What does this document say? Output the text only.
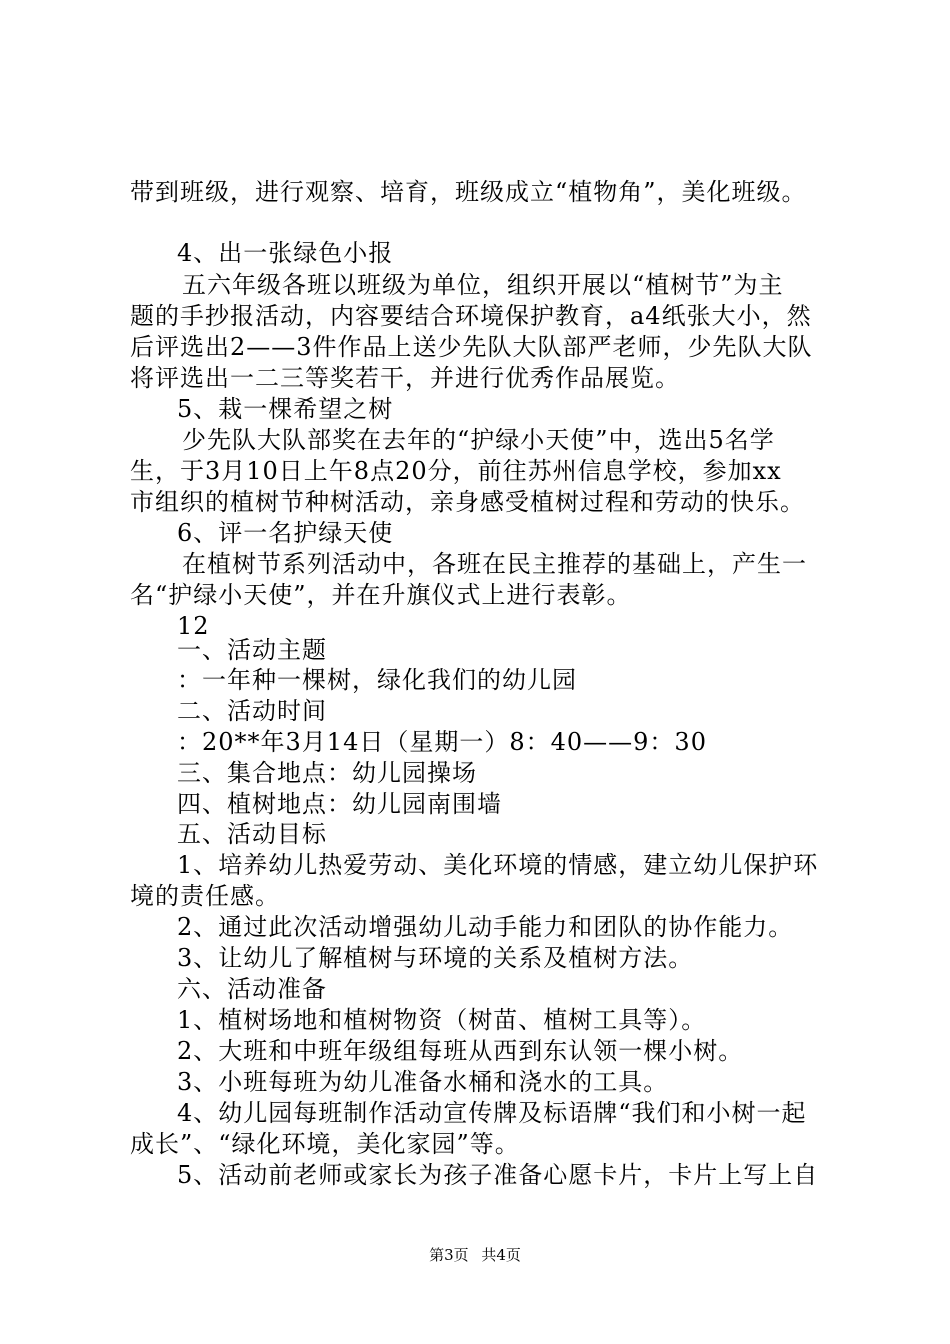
带到班级，进行观察、培育，班级成立“植物角”，美化班级。
4、出一张绿色小报
五六年级各班以班级为单位，组织开展以“植树节”为主
题的手抄报活动，内容要结合环境保护教育，a4纸张大小，然
后评选出2——3件作品上送少先队大队部严老师，少先队大队
将评选出一二三等奖若干，并进行优秀作品展览。
5、栽一棵希望之树
少先队大队部奖在去年的“护绿小天使”中，选出5名学
生，于3月10日上午8点20分，前往苏州信息学校，参加xx
市组织的植树节种树活动，亲身感受植树过程和劳动的快乐。
6、评一名护绿天使
在植树节系列活动中，各班在民主推荐的基础上，产生一
名“护绿小天使”，并在升旗仪式上进行表彰。
12
一、活动主题
：一年种一棵树，绿化我们的幼儿园
二、活动时间
：20**年3月14日（星期一）8：40——9：30
三、集合地点：幼儿园操场
四、植树地点：幼儿园南围墙
五、活动目标
1、培养幼儿热爱劳动、美化环境的情感，建立幼儿保护环
境的责任感。
2、通过此次活动增强幼儿动手能力和团队的协作能力。
3、让幼儿了解植树与环境的关系及植树方法。
六、活动准备
1、植树场地和植树物资（树苗、植树工具等）。
2、大班和中班年级组每班从西到东认领一棵小树。
3、小班每班为幼儿准备水桶和浇水的工具。
4、幼儿园每班制作活动宣传牌及标语牌“我们和小树一起
成长”、“绿化环境，美化家园”等。
5、活动前老师或家长为孩子准备心愿卡片，卡片上写上自
第3页 共4页
